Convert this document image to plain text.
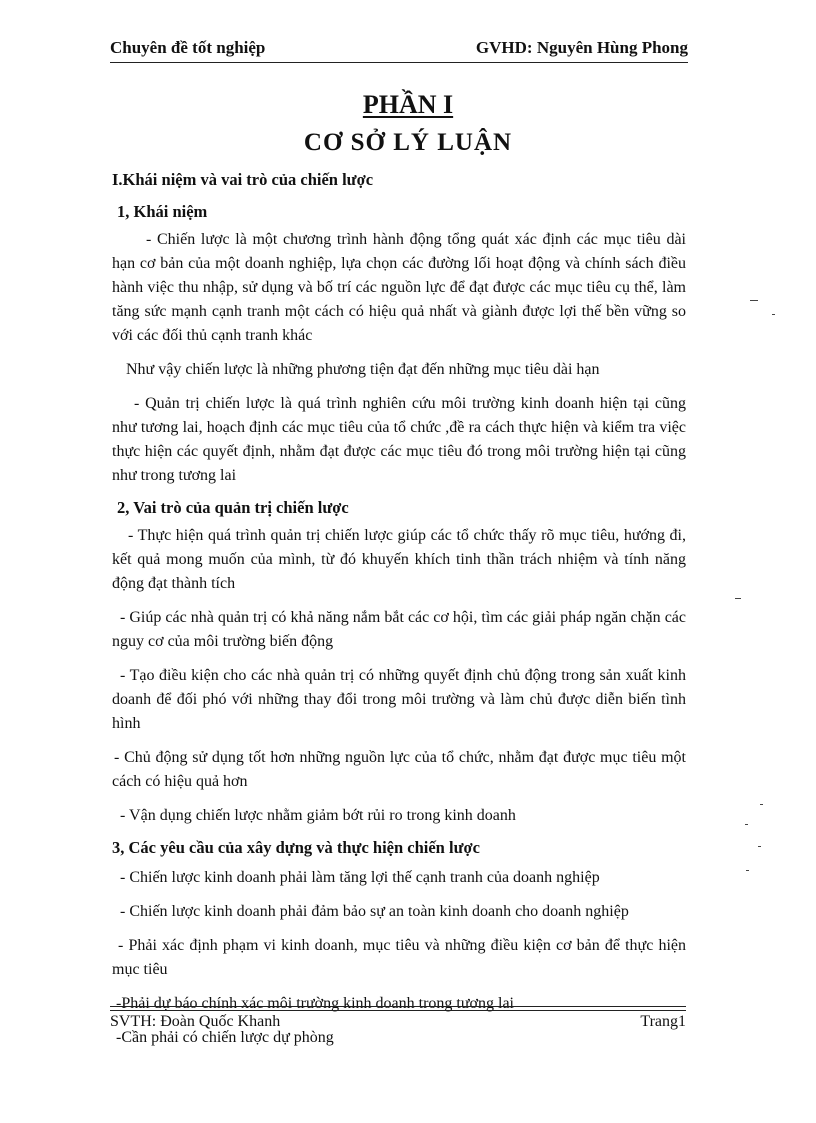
Chuyên đề tốt nghiệp	GVHD: Nguyên Hùng Phong
PHẦN I
CƠ SỞ LÝ LUẬN

I.Khái niệm và vai trò của chiến lược

1, Khái niệm

- Chiến lược là một chương trình hành động tổng quát xác định các mục tiêu dài hạn cơ bản của một doanh nghiệp, lựa chọn các đường lối hoạt động và chính sách điều hành việc thu nhập, sử dụng và bố trí các nguồn lực để đạt được các mục tiêu cụ thể, làm tăng sức mạnh cạnh tranh một cách có hiệu quả nhất và giành được lợi thế bền vững so với các đối thủ cạnh tranh khác

Như vậy chiến lược là những phương tiện đạt đến những mục tiêu dài hạn

- Quản trị chiến lược là quá trình nghiên cứu môi trường kinh doanh hiện tại cũng như tương lai, hoạch định các mục tiêu của tổ chức ,đề ra cách thực hiện và kiểm tra việc thực hiện các quyết định, nhằm đạt được các mục tiêu đó trong môi trường hiện tại cũng như trong tương lai

2, Vai trò của quản trị chiến lược

- Thực hiện quá trình quản trị chiến lược giúp các tổ chức thấy rõ mục tiêu, hướng đi, kết quả mong muốn của mình, từ đó khuyến khích tinh thần trách nhiệm và tính năng động đạt thành tích

- Giúp các nhà quản trị có khả năng nắm bắt các cơ hội, tìm các giải pháp ngăn chặn các nguy cơ của môi trường biến động

- Tạo điều kiện cho các nhà quản trị có những quyết định chủ động trong sản xuất kinh doanh để đối phó với những thay đổi trong môi trường và làm chủ được diễn biến tình hình

- Chủ động sử dụng tốt hơn những nguồn lực của tổ chức, nhằm đạt được mục tiêu một cách có hiệu quả hơn

- Vận dụng chiến lược nhằm giảm bớt rủi ro trong kinh doanh

3, Các yêu cầu của xây dựng và thực hiện chiến lược

- Chiến lược kinh doanh phải làm tăng lợi thế cạnh tranh của doanh nghiệp

- Chiến lược kinh doanh phải đảm bảo sự an toàn kinh doanh cho doanh nghiệp

- Phải xác định phạm vi kinh doanh, mục tiêu và những điều kiện cơ bản để thực hiện mục tiêu

-Phải dự báo chính xác môi trường kinh doanh trong tương lai

-Cần phải có chiến lược dự phòng

SVTH: Đoàn Quốc Khanh	Trang1
